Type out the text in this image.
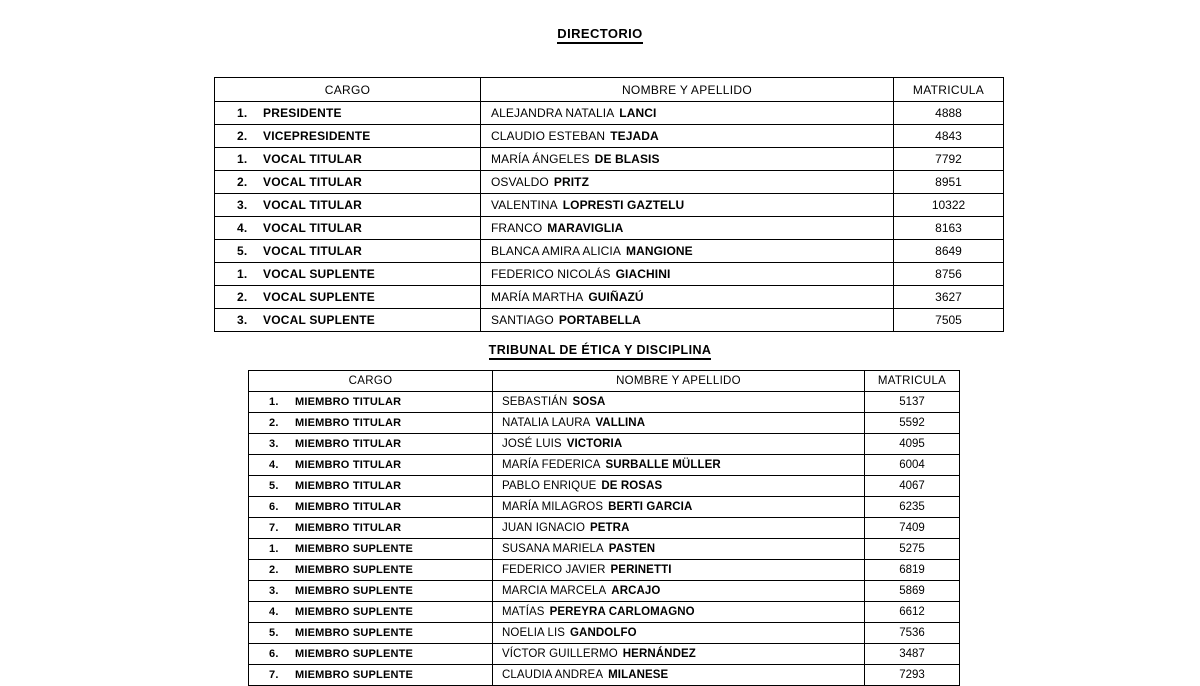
DIRECTORIO
CARGO	NOMBRE Y APELLIDO	MATRICULA

1. PRESIDENTE	ALEJANDRA NATALIA LANCI	4888

2. VICEPRESIDENTE	CLAUDIO ESTEBAN TEJADA	4843

1. VOCAL TITULAR	MARÍA ÁNGELES DE BLASIS	7792

2. VOCAL TITULAR	OSVALDO PRITZ	8951

3. VOCAL TITULAR	VALENTINA LOPRESTI GAZTELU	10322

4. VOCAL TITULAR	FRANCO MARAVIGLIA	8163

5. VOCAL TITULAR	BLANCA AMIRA ALICIA MANGIONE	8649

1. VOCAL SUPLENTE	FEDERICO NICOLÁS GIACHINI	8756

2. VOCAL SUPLENTE	MARÍA MARTHA GUIÑAZÚ	3627

3. VOCAL SUPLENTE	SANTIAGO PORTABELLA	7505
TRIBUNAL DE ÉTICA Y DISCIPLINA
CARGO	NOMBRE Y APELLIDO	MATRICULA

1. MIEMBRO TITULAR	SEBASTIÁN SOSA	5137

2. MIEMBRO TITULAR	NATALIA LAURA VALLINA	5592

3. MIEMBRO TITULAR	JOSÉ LUIS VICTORIA	4095

4. MIEMBRO TITULAR	MARÍA FEDERICA SURBALLE MÜLLER	6004

5. MIEMBRO TITULAR	PABLO ENRIQUE DE ROSAS	4067

6. MIEMBRO TITULAR	MARÍA MILAGROS BERTI GARCIA	6235

7. MIEMBRO TITULAR	JUAN IGNACIO PETRA	7409

1. MIEMBRO SUPLENTE	SUSANA MARIELA PASTEN	5275

2. MIEMBRO SUPLENTE	FEDERICO JAVIER PERINETTI	6819

3. MIEMBRO SUPLENTE	MARCIA MARCELA ARCAJO	5869

4. MIEMBRO SUPLENTE	MATÍAS PEREYRA CARLOMAGNO	6612

5. MIEMBRO SUPLENTE	NOELIA LIS GANDOLFO	7536

6. MIEMBRO SUPLENTE	VÍCTOR GUILLERMO HERNÁNDEZ	3487

7. MIEMBRO SUPLENTE	CLAUDIA ANDREA MILANESE	7293
